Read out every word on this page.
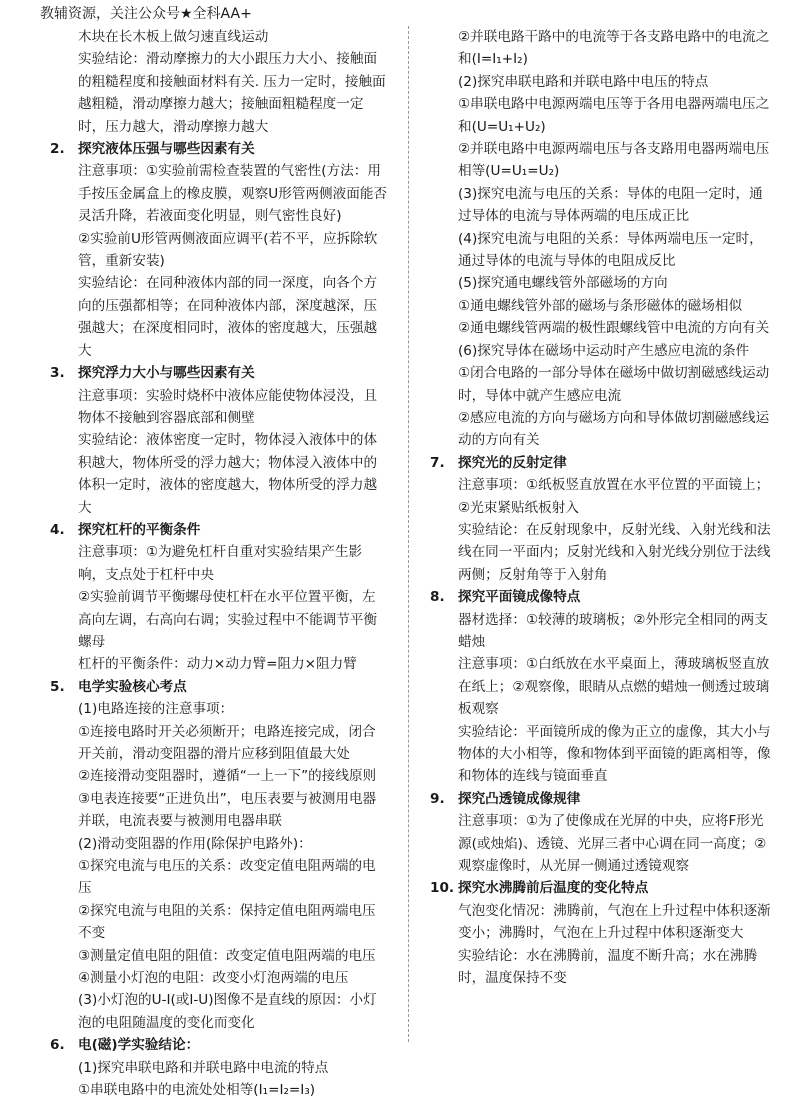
教辅资源，关注公众号★全科AA+

木块在长木板上做匀速直线运动

实验结论：滑动摩擦力的大小跟压力大小、接触面的粗糙程度和接触面材料有关. 压力一定时，接触面越粗糙，滑动摩擦力越大；接触面粗糙程度一定时，压力越大，滑动摩擦力越大

2. 探究液体压强与哪些因素有关

注意事项：①实验前需检查装置的气密性(方法：用手按压金属盒上的橡皮膜，观察U形管两侧液面能否灵活升降，若液面变化明显，则气密性良好)

②实验前U形管两侧液面应调平(若不平，应拆除软管，重新安装)

实验结论：在同种液体内部的同一深度，向各个方向的压强都相等；在同种液体内部，深度越深，压强越大；在深度相同时，液体的密度越大，压强越大

3. 探究浮力大小与哪些因素有关

注意事项：实验时烧杯中液体应能使物体浸没，且物体不接触到容器底部和侧壁

实验结论：液体密度一定时，物体浸入液体中的体积越大，物体所受的浮力越大；物体浸入液体中的体积一定时，液体的密度越大，物体所受的浮力越大

4. 探究杠杆的平衡条件

注意事项：①为避免杠杆自重对实验结果产生影响，支点处于杠杆中央

②实验前调节平衡螺母使杠杆在水平位置平衡，左高向左调，右高向右调；实验过程中不能调节平衡螺母

杠杆的平衡条件：动力×动力臂=阻力×阻力臂

5. 电学实验核心考点

(1)电路连接的注意事项：

①连接电路时开关必须断开；电路连接完成，闭合开关前，滑动变阻器的滑片应移到阻值最大处

②连接滑动变阻器时，遵循“一上一下”的接线原则

③电表连接要“正进负出”，电压表要与被测用电器并联，电流表要与被测用电器串联

(2)滑动变阻器的作用(除保护电路外)：

①探究电流与电压的关系：改变定值电阻两端的电压

②探究电流与电阻的关系：保持定值电阻两端电压不变

③测量定值电阻的阻值：改变定值电阻两端的电压

④测量小灯泡的电阻：改变小灯泡两端的电压

(3)小灯泡的U-I(或I-U)图像不是直线的原因：小灯泡的电阻随温度的变化而变化

6. 电(磁)学实验结论：

(1)探究串联电路和并联电路中电流的特点

①串联电路中的电流处处相等(I₁=I₂=I₃)

②并联电路干路中的电流等于各支路电路中的电流之和(I=I₁+I₂)

(2)探究串联电路和并联电路中电压的特点

①串联电路中电源两端电压等于各用电器两端电压之和(U=U₁+U₂)

②并联电路中电源两端电压与各支路用电器两端电压相等(U=U₁=U₂)

(3)探究电流与电压的关系：导体的电阻一定时，通过导体的电流与导体两端的电压成正比

(4)探究电流与电阻的关系：导体两端电压一定时，通过导体的电流与导体的电阻成反比

(5)探究通电螺线管外部磁场的方向

①通电螺线管外部的磁场与条形磁体的磁场相似

②通电螺线管两端的极性跟螺线管中电流的方向有关

(6)探究导体在磁场中运动时产生感应电流的条件

①闭合电路的一部分导体在磁场中做切割磁感线运动时，导体中就产生感应电流

②感应电流的方向与磁场方向和导体做切割磁感线运动的方向有关

7. 探究光的反射定律

注意事项：①纸板竖直放置在水平位置的平面镜上；②光束紧贴纸板射入

实验结论：在反射现象中，反射光线、入射光线和法线在同一平面内；反射光线和入射光线分别位于法线两侧；反射角等于入射角

8. 探究平面镜成像特点

器材选择：①较薄的玻璃板；②外形完全相同的两支蜡烛

注意事项：①白纸放在水平桌面上，薄玻璃板竖直放在纸上；②观察像，眼睛从点燃的蜡烛一侧透过玻璃板观察

实验结论：平面镜所成的像为正立的虚像，其大小与物体的大小相等，像和物体到平面镜的距离相等，像和物体的连线与镜面垂直

9. 探究凸透镜成像规律

注意事项：①为了使像成在光屏的中央，应将F形光源(或烛焰)、透镜、光屏三者中心调在同一高度；②观察虚像时，从光屏一侧通过透镜观察

10. 探究水沸腾前后温度的变化特点

气泡变化情况：沸腾前，气泡在上升过程中体积逐渐变小；沸腾时，气泡在上升过程中体积逐渐变大

实验结论：水在沸腾前，温度不断升高；水在沸腾时，温度保持不变
